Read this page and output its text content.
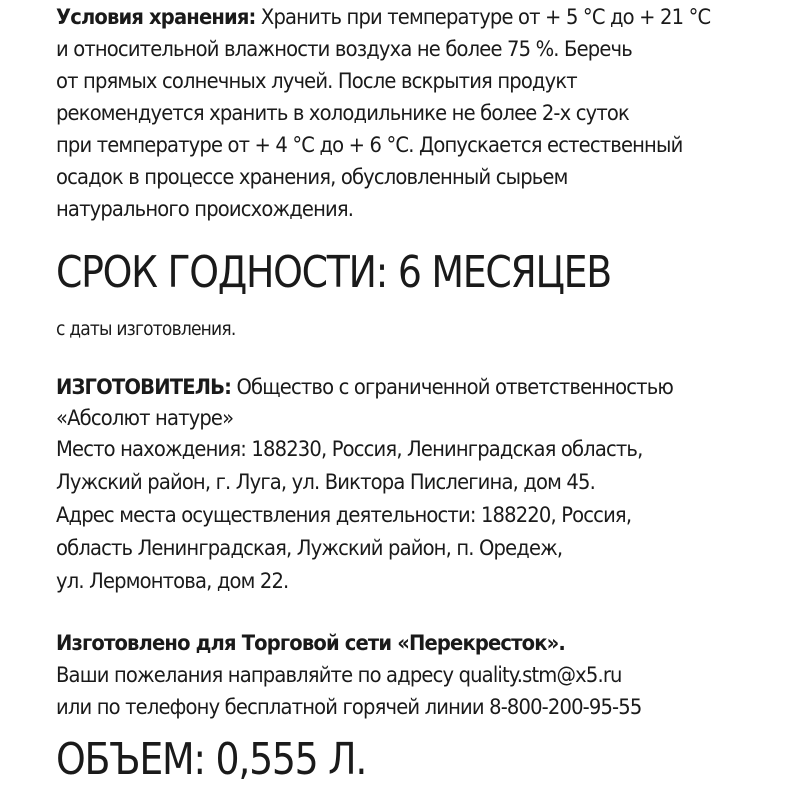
Условия хранения: Хранить при температуре от + 5 °С до + 21 °С
и относительной влажности воздуха не более 75 %. Беречь
от прямых солнечных лучей. После вскрытия продукт
рекомендуется хранить в холодильнике не более 2-х суток
при температуре от + 4 °С до + 6 °С. Допускается естественный
осадок в процессе хранения, обусловленный сырьем
натурального происхождения.
СРОК ГОДНОСТИ: 6 МЕСЯЦЕВ
с даты изготовления.
ИЗГОТОВИТЕЛЬ: Общество с ограниченной ответственностью
«Абсолют натуре»
Место нахождения: 188230, Россия, Ленинградская область,
Лужский район, г. Луга, ул. Виктора Пислегина, дом 45.
Адрес места осуществления деятельности: 188220, Россия,
область Ленинградская, Лужский район, п. Оредеж,
ул. Лермонтова, дом 22.
Изготовлено для Торговой сети «Перекресток».
Ваши пожелания направляйте по адресу quality.stm@x5.ru
или по телефону бесплатной горячей линии 8-800-200-95-55
ОБЪЕМ: 0,555 Л.
